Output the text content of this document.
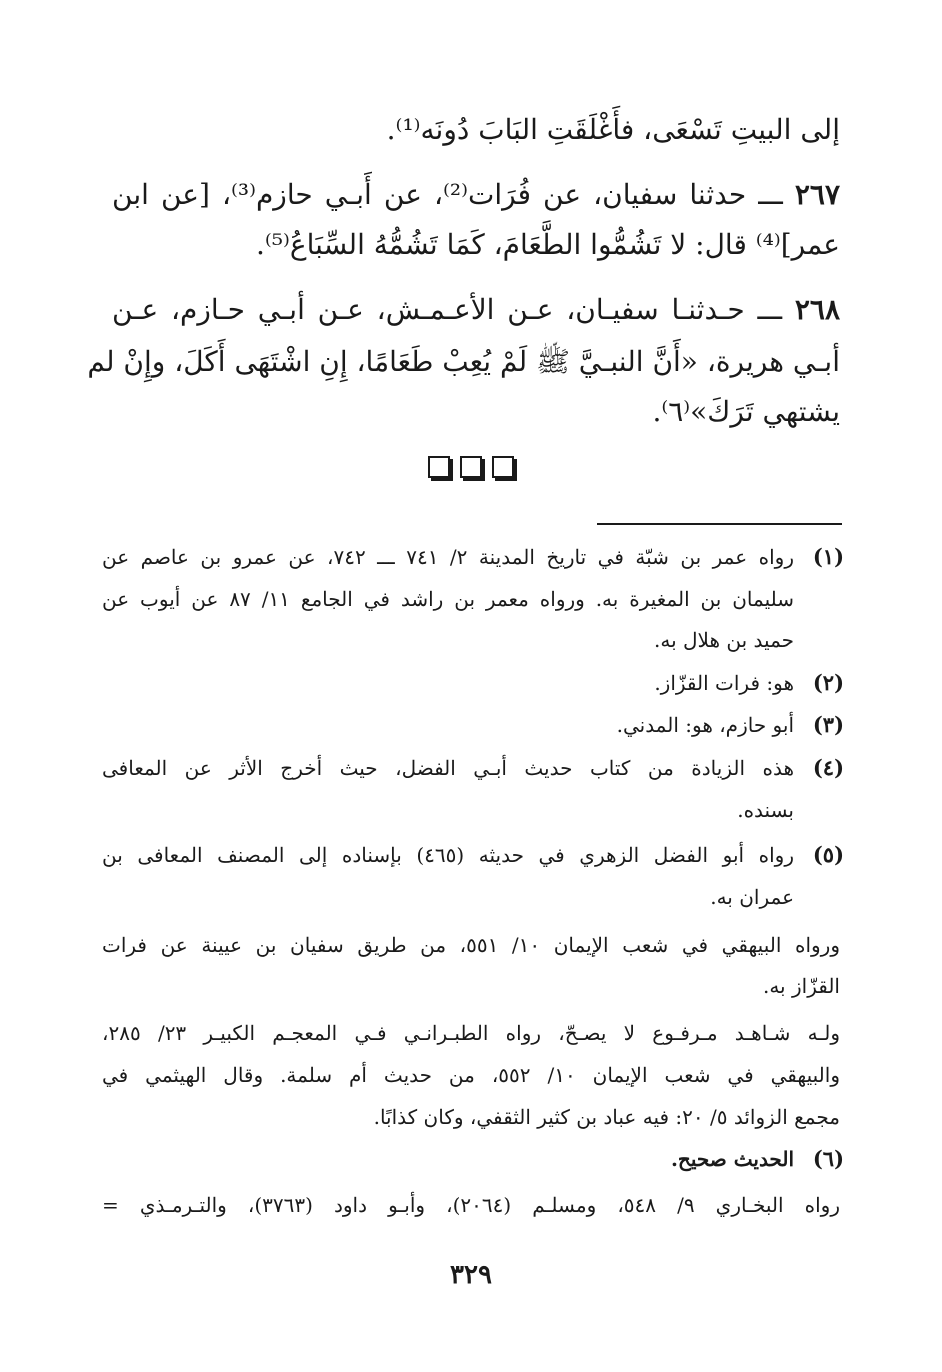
إلى البيتِ تَسْعَى، فأَغْلَقَتِ البَابَ دُونَه⁽¹⁾.
٢٦٧ ـــ حدثنا سفيان، عن فُرَات⁽²⁾، عن أَبـي حازم⁽³⁾، [عن ابن
عمر]⁽⁴⁾ قال: لا تَشُمُّوا الطَّعَامَ، كَمَا تَشُمُّهُ السِّبَاعُ⁽⁵⁾.
٢٦٨ ـــ حـدثنـا سفيـان، عـن الأعـمـش، عـن أبـي حـازم، عـن
أبـي هريرة، «أَنَّ النبـيَّ ﷺ لَمْ يُعِبْ طَعَامًا، إِنِ اشْتَهَى أَكَلَ، وإِنْ لم
يشتهي تَرَكَ»⁽٦⁾.
(١)
رواه عمر بن شبّة في تاريخ المدينة ٢/ ٧٤١ ـــ ٧٤٢، عن عمرو بن عاصم عن
سليمان بن المغيرة به. ورواه معمر بن راشد في الجامع ١١/ ٨٧ عن أيوب عن
حميد بن هلال به.
(٢)
هو: فرات القزّاز.
(٣)
أبو حازم، هو: المدني.
(٤)
هذه الزيادة من كتاب حديث أبـي الفضل، حيث أخرج الأثر عن المعافى
بسنده.
(٥)
رواه أبو الفضل الزهري في حديثه (٤٦٥) بإسناده إلى المصنف المعافى بن
عمران به.
ورواه البيهقي في شعب الإيمان ١٠/ ٥٥١، من طريق سفيان بن عيينة عن فرات
القزّاز به.
ولـه شـاهـد مـرفـوع لا يصـحّ، رواه الطبـرانـي فـي المعجـم الكبيـر ٢٣/ ٢٨٥،
والبيهقي في شعب الإيمان ١٠/ ٥٥٢، من حديث أم سلمة. وقال الهيثمي في
مجمع الزوائد ٥/ ٢٠: فيه عباد بن كثير الثقفي، وكان كذابًا.
(٦)
الحديث صحيح.
رواه البخـاري ٩/ ٥٤٨، ومسلـم (٢٠٦٤)، وأبـو داود (٣٧٦٣)، والتـرمـذي =
٣٢٩
